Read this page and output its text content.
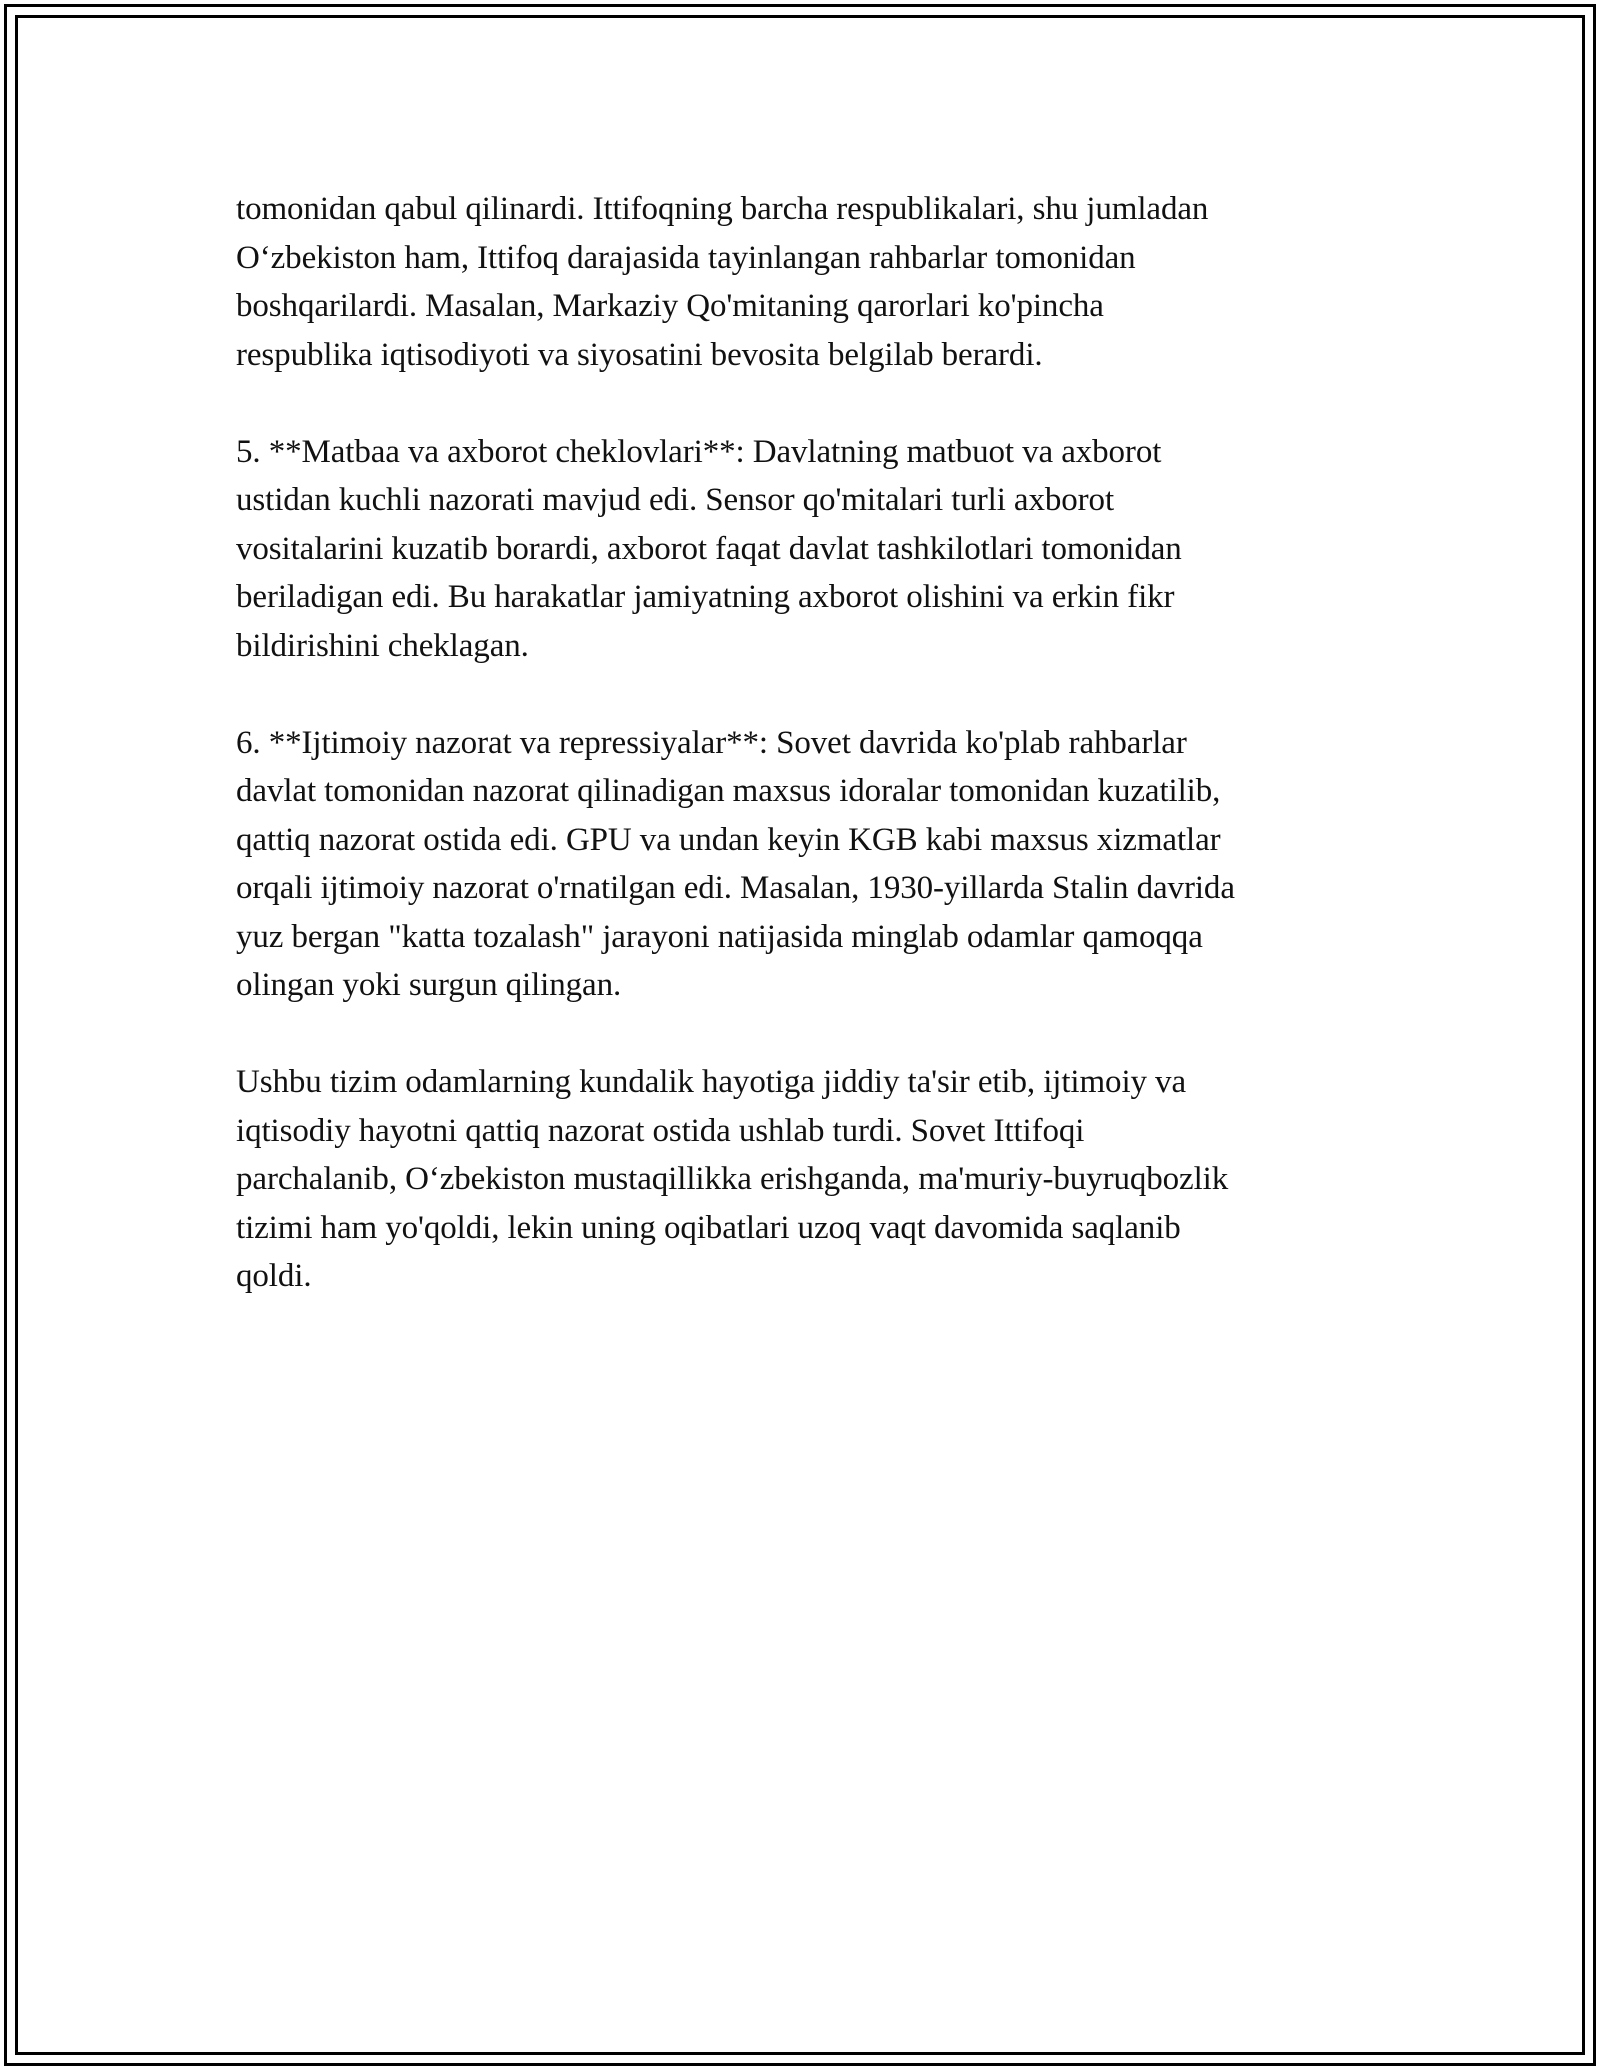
tomonidan qabul qilinardi. Ittifoqning barcha respublikalari, shu jumladan
O‘zbekiston ham, Ittifoq darajasida tayinlangan rahbarlar tomonidan
boshqarilardi. Masalan, Markaziy Qo'mitaning qarorlari ko'pincha
respublika iqtisodiyoti va siyosatini bevosita belgilab berardi.

5. **Matbaa va axborot cheklovlari**: Davlatning matbuot va axborot
ustidan kuchli nazorati mavjud edi. Sensor qo'mitalari turli axborot
vositalarini kuzatib borardi, axborot faqat davlat tashkilotlari tomonidan
beriladigan edi. Bu harakatlar jamiyatning axborot olishini va erkin fikr
bildirishini cheklagan.

6. **Ijtimoiy nazorat va repressiyalar**: Sovet davrida ko'plab rahbarlar
davlat tomonidan nazorat qilinadigan maxsus idoralar tomonidan kuzatilib,
qattiq nazorat ostida edi. GPU va undan keyin KGB kabi maxsus xizmatlar
orqali ijtimoiy nazorat o'rnatilgan edi. Masalan, 1930-yillarda Stalin davrida
yuz bergan "katta tozalash" jarayoni natijasida minglab odamlar qamoqqa
olingan yoki surgun qilingan.

Ushbu tizim odamlarning kundalik hayotiga jiddiy ta'sir etib, ijtimoiy va
iqtisodiy hayotni qattiq nazorat ostida ushlab turdi. Sovet Ittifoqi
parchalanib, O‘zbekiston mustaqillikka erishganda, ma'muriy-buyruqbozlik
tizimi ham yo'qoldi, lekin uning oqibatlari uzoq vaqt davomida saqlanib
qoldi.
